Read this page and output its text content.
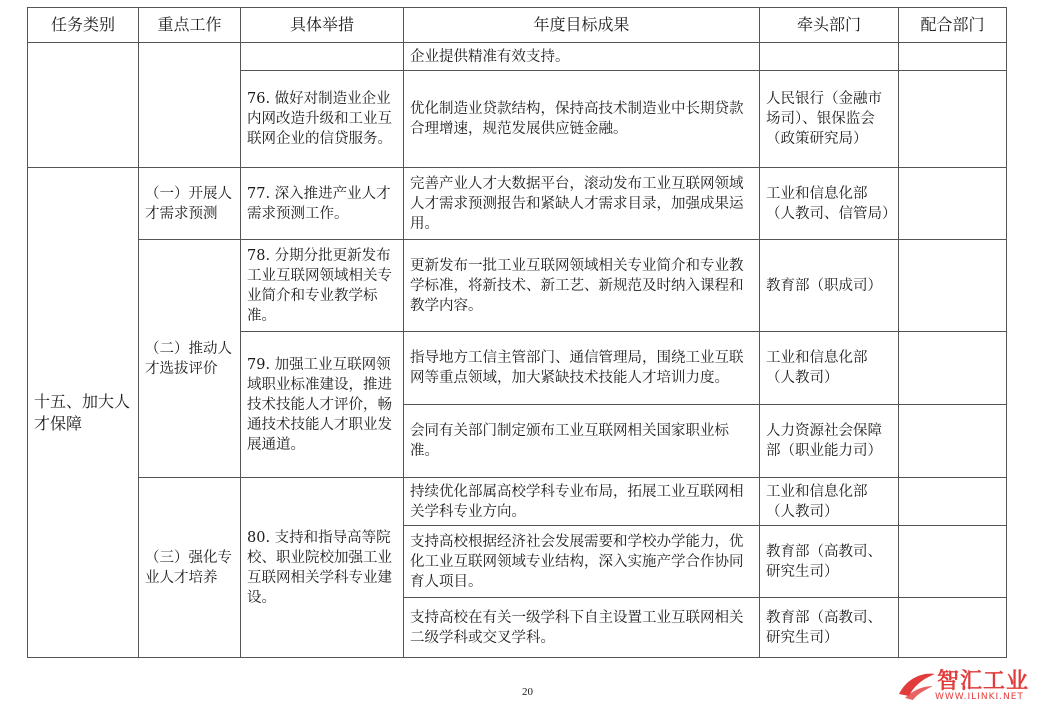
任务类别	重点工作	具体举措	年度目标成果	牵头部门	配合部门
			企业提供精准有效支持。		
		76. 做好对制造业企业内网改造升级和工业互联网企业的信贷服务。	优化制造业贷款结构，保持高技术制造业中长期贷款合理增速，规范发展供应链金融。	人民银行（金融市场司）、银保监会（政策研究局）	
十五、加大人才保障	（一）开展人才需求预测	77. 深入推进产业人才需求预测工作。	完善产业人才大数据平台，滚动发布工业互联网领域人才需求预测报告和紧缺人才需求目录，加强成果运用。	工业和信息化部（人教司、信管局）	
	（二）推动人才选拔评价	78. 分期分批更新发布工业互联网领域相关专业简介和专业教学标准。	更新发布一批工业互联网领域相关专业简介和专业教学标准，将新技术、新工艺、新规范及时纳入课程和教学内容。	教育部（职成司）	
		79. 加强工业互联网领域职业标准建设，推进技术技能人才评价，畅通技术技能人才职业发展通道。	指导地方工信主管部门、通信管理局，围绕工业互联网等重点领域，加大紧缺技术技能人才培训力度。	工业和信息化部（人教司）	
			会同有关部门制定颁布工业互联网相关国家职业标准。	人力资源社会保障部（职业能力司）	
	（三）强化专业人才培养	80. 支持和指导高等院校、职业院校加强工业互联网相关学科专业建设。	持续优化部属高校学科专业布局，拓展工业互联网相关学科专业方向。	工业和信息化部（人教司）	
			支持高校根据经济社会发展需要和学校办学能力，优化工业互联网领域专业结构，深入实施产学合作协同育人项目。	教育部（高教司、研究生司）	
			支持高校在有关一级学科下自主设置工业互联网相关二级学科或交叉学科。	教育部（高教司、研究生司）	
20	智汇工业
WWW.ILINKI.NET
